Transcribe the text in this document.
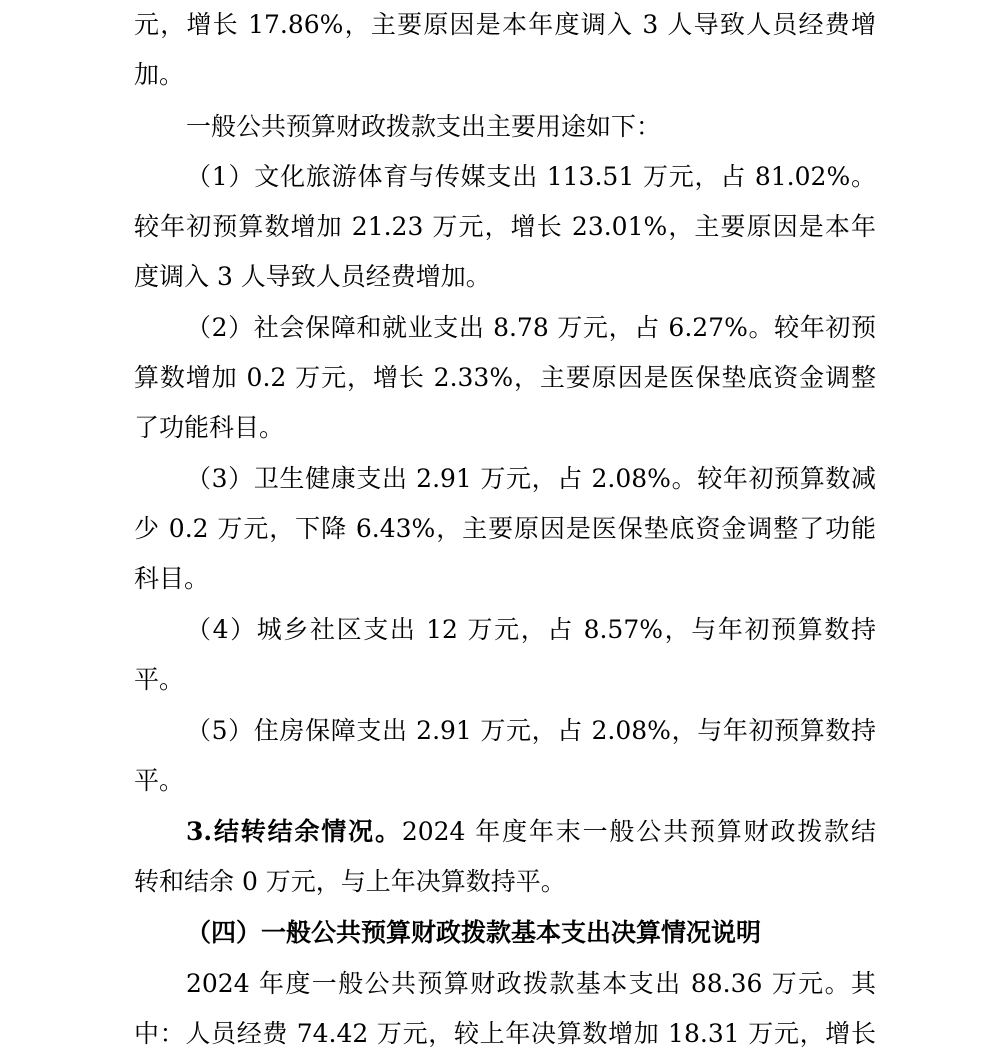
元，增长 17.86%，主要原因是本年度调入 3 人导致人员经费增
加。
一般公共预算财政拨款支出主要用途如下：
（1）文化旅游体育与传媒支出 113.51 万元，占 81.02%。
较年初预算数增加 21.23 万元，增长 23.01%，主要原因是本年
度调入 3 人导致人员经费增加。
（2）社会保障和就业支出 8.78 万元，占 6.27%。较年初预
算数增加 0.2 万元，增长 2.33%，主要原因是医保垫底资金调整
了功能科目。
（3）卫生健康支出 2.91 万元，占 2.08%。较年初预算数减
少 0.2 万元，下降 6.43%，主要原因是医保垫底资金调整了功能
科目。
（4）城乡社区支出 12 万元，占 8.57%，与年初预算数持
平。
（5）住房保障支出 2.91 万元，占 2.08%，与年初预算数持
平。
3.结转结余情况。2024 年度年末一般公共预算财政拨款结
转和结余 0 万元，与上年决算数持平。
（四）一般公共预算财政拨款基本支出决算情况说明
2024 年度一般公共预算财政拨款基本支出 88.36 万元。其
中：人员经费 74.42 万元，较上年决算数增加 18.31 万元，增长
